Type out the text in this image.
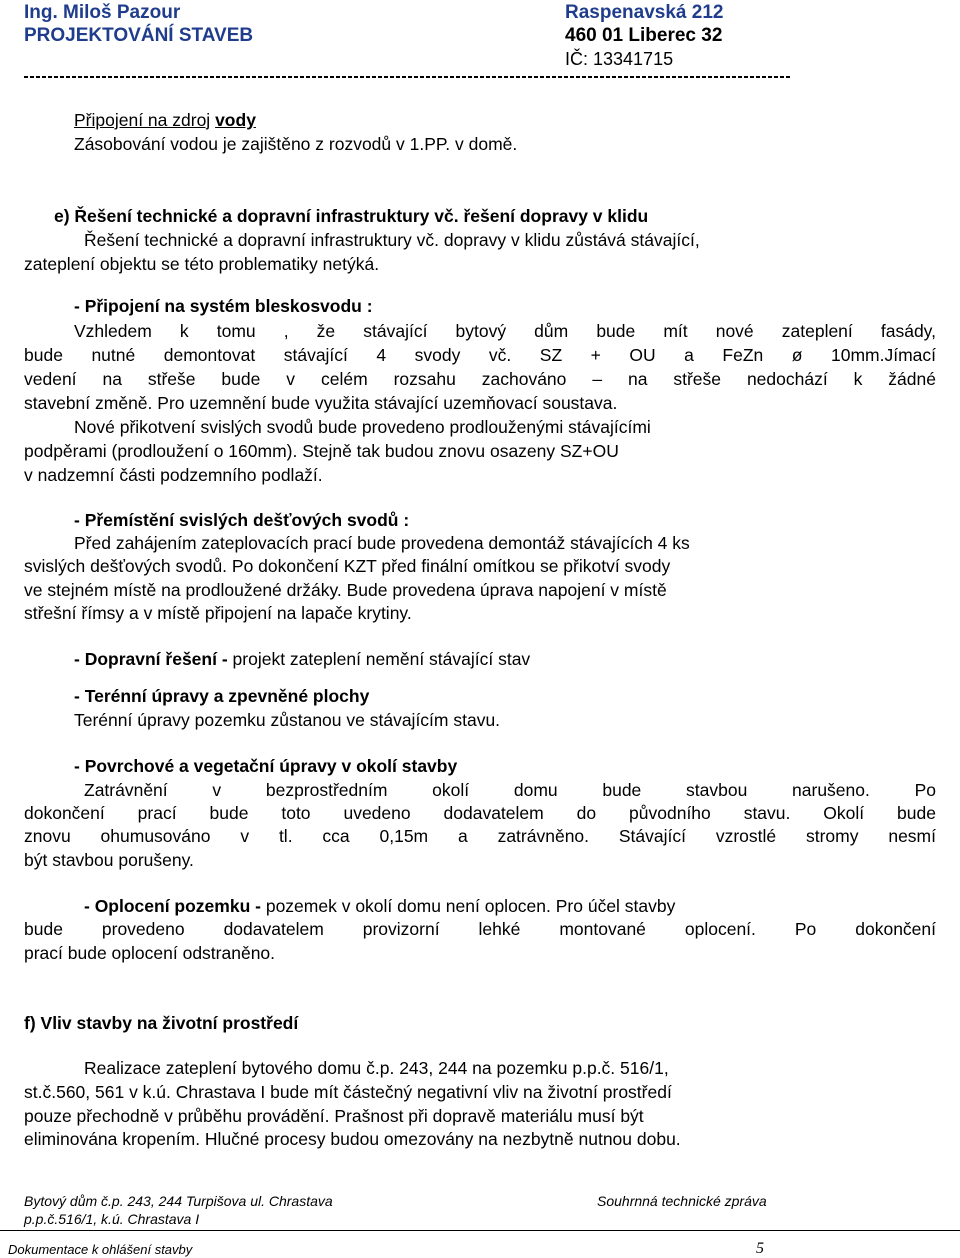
Ing. Miloš Pazour
PROJEKTOVÁNÍ STAVEB
Raspenavská 212
460 01 Liberec 32
IČ: 13341715
Připojení na zdroj vody
Zásobování vodou je zajištěno z rozvodů v 1.PP. v domě.
e) Řešení technické a dopravní infrastruktury vč. řešení dopravy v klidu
Řešení technické a dopravní infrastruktury vč. dopravy v klidu zůstává stávající,
zateplení objektu se této problematiky netýká.
- Připojení na systém bleskosvodu :
Vzhledem k tomu , že stávající bytový dům bude mít nové zateplení fasády,
bude nutné demontovat stávající 4 svody vč. SZ + OU a FeZn ø 10mm.Jímací
vedení na střeše bude v celém rozsahu zachováno – na střeše nedochází k žádné
stavební změně. Pro uzemnění bude využita stávající uzemňovací soustava.
Nové přikotvení svislých svodů bude provedeno prodlouženými stávajícími
podpěrami (prodloužení o 160mm). Stejně tak budou znovu osazeny SZ+OU
v nadzemní části podzemního podlaží.
- Přemístění svislých dešťových svodů :
Před zahájením zateplovacích prací bude provedena demontáž stávajících 4 ks
svislých dešťových svodů. Po dokončení KZT před finální omítkou se přikotví svody
ve stejném místě na prodloužené držáky. Bude provedena úprava napojení v místě
střešní římsy a v místě připojení na lapače krytiny.
- Dopravní řešení - projekt zateplení nemění stávající stav
- Terénní úpravy a zpevněné plochy
Terénní úpravy pozemku zůstanou ve stávajícím stavu.
- Povrchové a vegetační úpravy v okolí stavby
Zatrávnění v bezprostředním okolí domu bude stavbou narušeno. Po
dokončení prací bude toto uvedeno dodavatelem do původního stavu. Okolí bude
znovu ohumusováno v tl. cca 0,15m a zatrávněno. Stávající vzrostlé stromy nesmí
být stavbou porušeny.
- Oplocení pozemku - pozemek v okolí domu není oplocen. Pro účel stavby
bude provedeno dodavatelem provizorní lehké montované oplocení. Po dokončení
prací bude oplocení odstraněno.
f) Vliv stavby na životní prostředí
Realizace zateplení bytového domu č.p. 243, 244 na pozemku p.p.č. 516/1,
st.č.560, 561 v k.ú. Chrastava I bude mít částečný negativní vliv na životní prostředí
pouze přechodně v průběhu provádění. Prašnost při dopravě materiálu musí být
eliminována kropením. Hlučné procesy budou omezovány na nezbytně nutnou dobu.
Bytový dům č.p. 243, 244 Turpišova ul. Chrastava
p.p.č.516/1, k.ú. Chrastava I
Souhrnná technické zpráva
Dokumentace k ohlášení stavby	5
